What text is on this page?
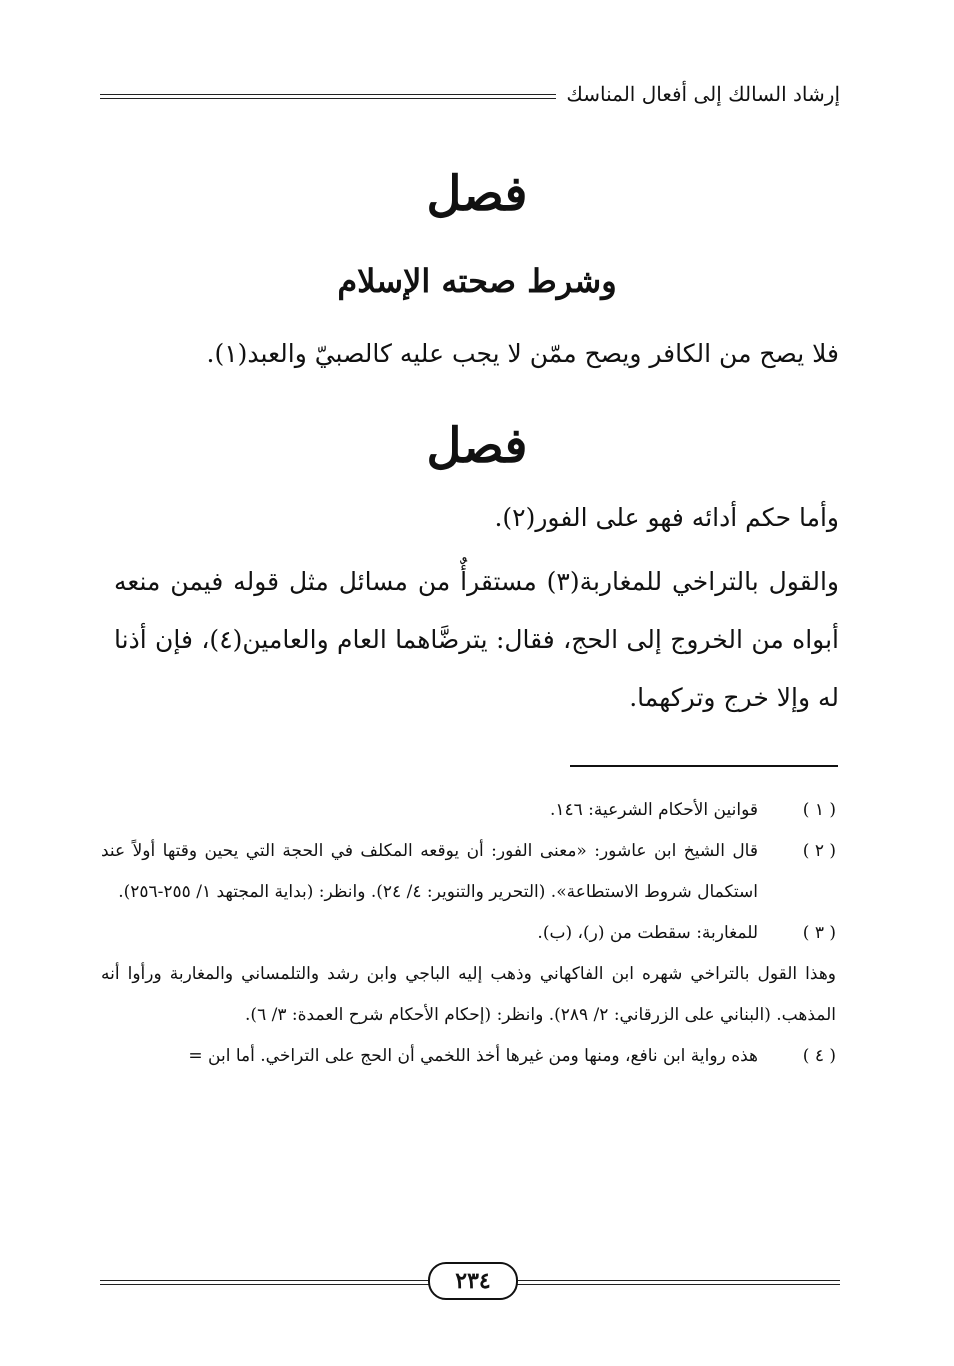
إرشاد السالك إلى أفعال المناسك
فصل
وشرط صحته الإسلام
فلا يصح من الكافر ويصح ممّن لا يجب عليه كالصبيّ والعبد(١).
فصل
وأما حكم أدائه فهو على الفور(٢).
والقول بالتراخي للمغاربة(٣) مستقرأٌ من مسائل مثل قوله فيمن منعه أبواه من الخروج إلى الحج، فقال: يترضَّاهما العام والعامين(٤)، فإن أذنا له وإلا خرج وتركهما.
( ١ )
قوانين الأحكام الشرعية: ١٤٦.
( ٢ )
قال الشيخ ابن عاشور: «معنى الفور: أن يوقعه المكلف في الحجة التي يحين وقتها أولاً عند استكمال شروط الاستطاعة». (التحرير والتنوير: ٤/ ٢٤). وانظر: (بداية المجتهد ١/ ٢٥٥-٢٥٦).
( ٣ )
للمغاربة: سقطت من (ر)، (ب).
وهذا القول بالتراخي شهره ابن الفاكهاني وذهب إليه الباجي وابن رشد والتلمساني والمغاربة ورأوا أنه المذهب. (البناني على الزرقاني: ٢/ ٢٨٩). وانظر: (إحكام الأحكام شرح العمدة: ٣/ ٦).
( ٤ )
هذه رواية ابن نافع، ومنها ومن غيرها أخذ اللخمي أن الحج على التراخي. أما ابن =
٢٣٤
